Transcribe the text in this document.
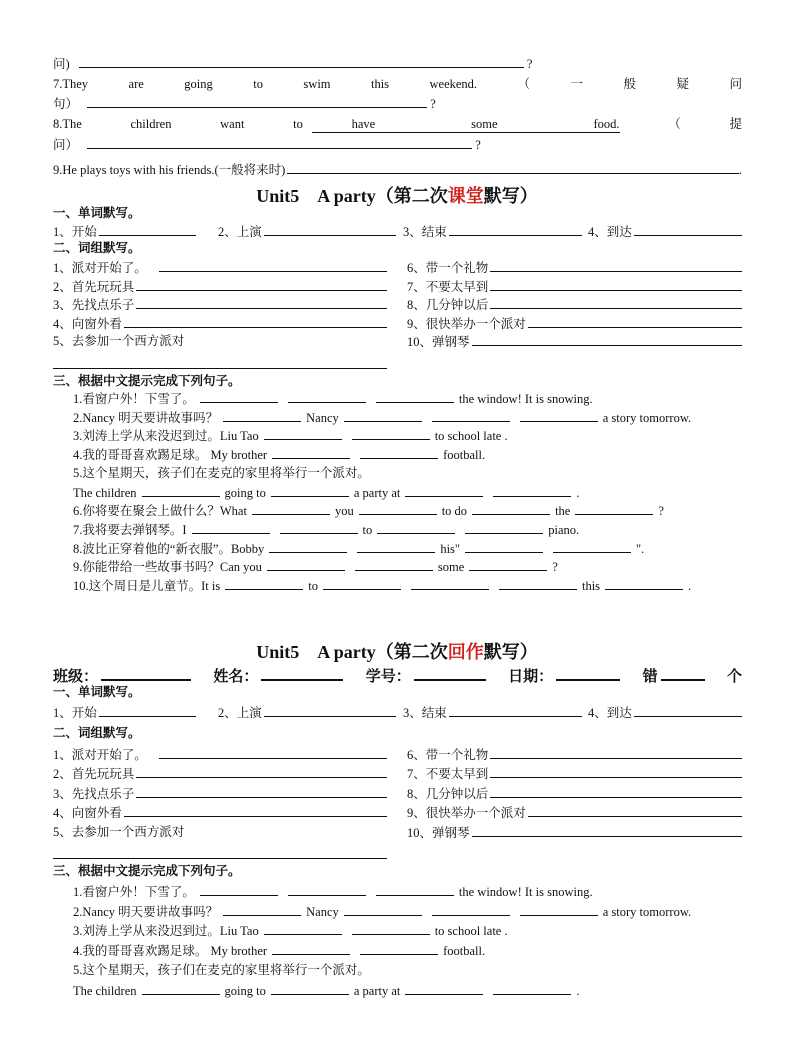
问)	?
7.They	are	going	to	swim	this	weekend.	（	一	般	疑	问
句）	?
8.The	children	want	to	have	some	food.	（	提
问）	?
9.He plays toys with his friends.(一般将来时)	.
Unit5　A party（第二次课堂默写）
一、单词默写。
1、开始	2、上演	3、结束	4、到达
二、词组默写。
1、派对开始了。	6、带一个礼物
2、首先玩玩具	7、不要太早到
3、先找点乐子	8、几分钟以后
4、向窗外看	9、很快举办一个派对
5、去参加一个西方派对	10、弹钢琴
三、根据中文提示完成下列句子。
1.看窗户外！下雪了。	the window! It is snowing.
2.Nancy 明天要讲故事吗？	Nancy	a story tomorrow.
3.刘涛上学从来没迟到过。Liu Tao	to school late .
4.我的哥哥喜欢踢足球。 My brother	football.
5.这个星期天，孩子们在麦克的家里将举行一个派对。
The children	going to	a party at	.
6.你将要在聚会上做什么？What	you	to do	the	?
7.我将要去弹钢琴。I	to	piano.
8.波比正穿着他的“新衣服”。Bobby	his"	".
9.你能带给一些故事书吗？Can you	some	?
10.这个周日是儿童节。It is	to	this	.
Unit5　A party（第二次回作默写）
班级：	姓名：	学号：	日期：	错	个
一、单词默写。
1、开始	2、上演	3、结束	4、到达
二、词组默写。
1、派对开始了。	6、带一个礼物
2、首先玩玩具	7、不要太早到
3、先找点乐子	8、几分钟以后
4、向窗外看	9、很快举办一个派对
5、去参加一个西方派对	10、弹钢琴
三、根据中文提示完成下列句子。
1.看窗户外！下雪了。	the window! It is snowing.
2.Nancy 明天要讲故事吗？	Nancy	a story tomorrow.
3.刘涛上学从来没迟到过。Liu Tao	to school late .
4.我的哥哥喜欢踢足球。 My brother	football.
5.这个星期天，孩子们在麦克的家里将举行一个派对。
The children	going to	a party at	.
